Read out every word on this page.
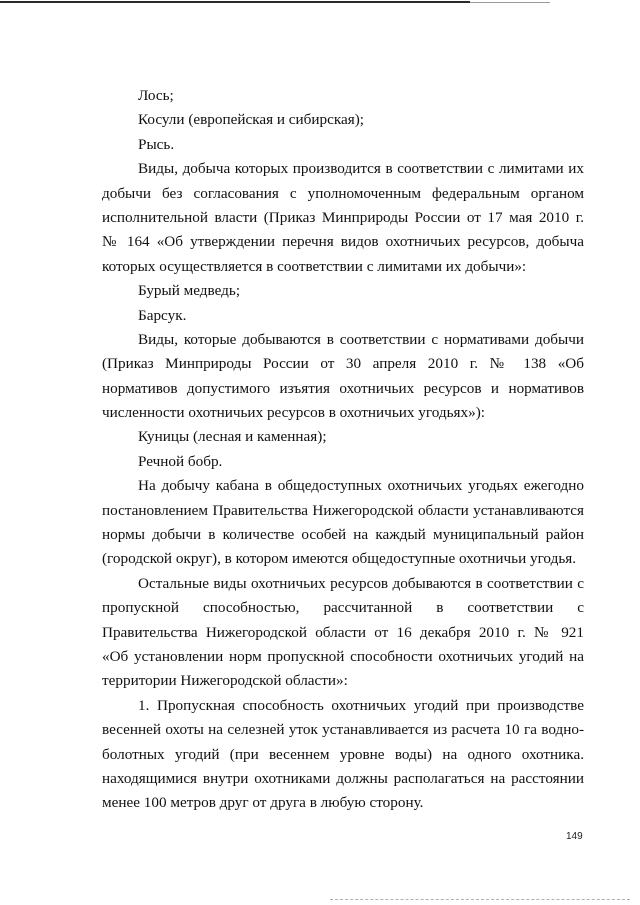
Лось;
Косули (европейская и сибирская);
Рысь.
Виды, добыча которых производится в соответствии с лимитами их
добычи без согласования с уполномоченным федеральным органом
исполнительной власти (Приказ Минприроды России от 17 мая 2010 г.
№ 164 «Об утверждении перечня видов охотничьих ресурсов, добыча
которых осуществляется в соответствии с лимитами их добычи»:
Бурый медведь;
Барсук.
Виды, которые добываются в соответствии с нормативами добычи
(Приказ Минприроды России от 30 апреля 2010 г. № 138 «Об
нормативов допустимого изъятия охотничьих ресурсов и нормативов
численности охотничьих ресурсов в охотничьих угодьях»):
Куницы (лесная и каменная);
Речной бобр.
На добычу кабана в общедоступных охотничьих угодьях ежегодно
постановлением Правительства Нижегородской области устанавливаются
нормы добычи в количестве особей на каждый муниципальный район
(городской округ), в котором имеются общедоступные охотничьи угодья.
Остальные виды охотничьих ресурсов добываются в соответствии с
пропускной способностью, рассчитанной в соответствии с
Правительства Нижегородской области от 16 декабря 2010 г. № 921
«Об установлении норм пропускной способности охотничьих угодий на
территории Нижегородской области»:
1. Пропускная способность охотничьих угодий при производстве
весенней охоты на селезней уток устанавливается из расчета 10 га водно-
болотных угодий (при весеннем уровне воды) на одного охотника.
находящимися внутри охотниками должны располагаться на расстоянии
менее 100 метров друг от друга в любую сторону.
149
